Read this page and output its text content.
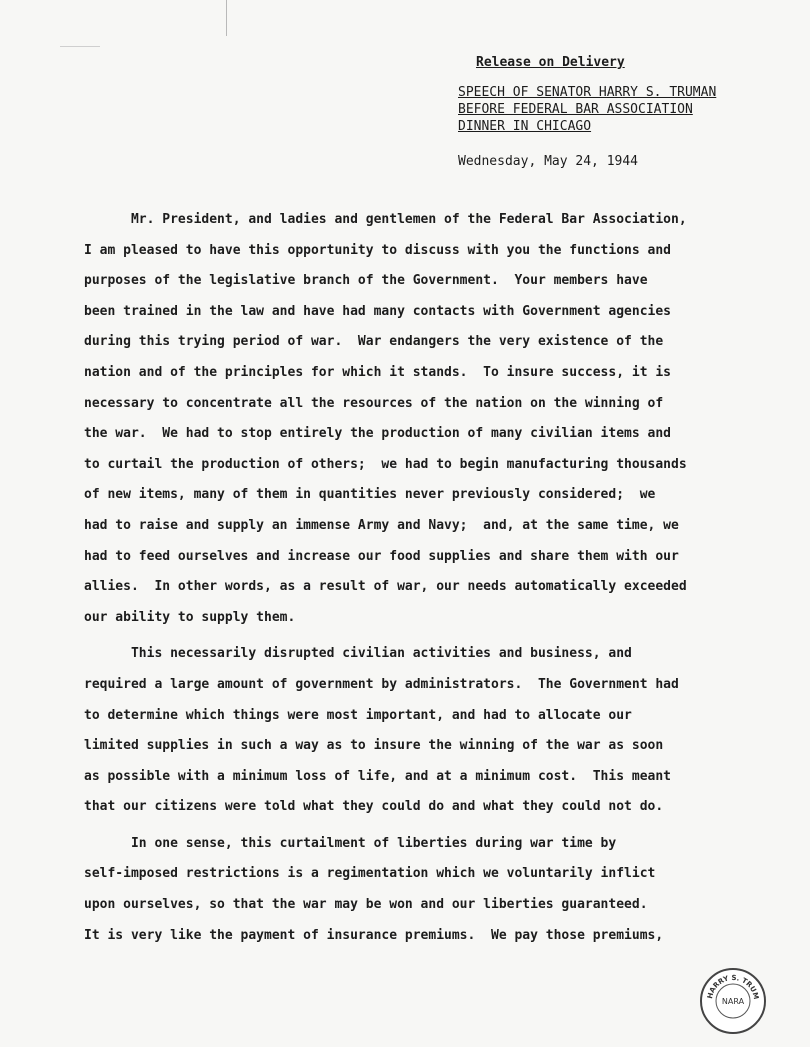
Release on Delivery
SPEECH OF SENATOR HARRY S. TRUMAN
BEFORE FEDERAL BAR ASSOCIATION
DINNER IN CHICAGO
Wednesday, May 24, 1944
Mr. President, and ladies and gentlemen of the Federal Bar Association,
I am pleased to have this opportunity to discuss with you the functions and
purposes of the legislative branch of the Government.  Your members have
been trained in the law and have had many contacts with Government agencies
during this trying period of war.  War endangers the very existence of the
nation and of the principles for which it stands.  To insure success, it is
necessary to concentrate all the resources of the nation on the winning of
the war.  We had to stop entirely the production of many civilian items and
to curtail the production of others;  we had to begin manufacturing thousands
of new items, many of them in quantities never previously considered;  we
had to raise and supply an immense Army and Navy;  and, at the same time, we
had to feed ourselves and increase our food supplies and share them with our
allies.  In other words, as a result of war, our needs automatically exceeded
our ability to supply them.
This necessarily disrupted civilian activities and business, and
required a large amount of government by administrators.  The Government had
to determine which things were most important, and had to allocate our
limited supplies in such a way as to insure the winning of the war as soon
as possible with a minimum loss of life, and at a minimum cost.  This meant
that our citizens were told what they could do and what they could not do.
In one sense, this curtailment of liberties during war time by
self-imposed restrictions is a regimentation which we voluntarily inflict
upon ourselves, so that the war may be won and our liberties guaranteed.
It is very like the payment of insurance premiums.  We pay those premiums,
HARRY S. TRUM
NARA
